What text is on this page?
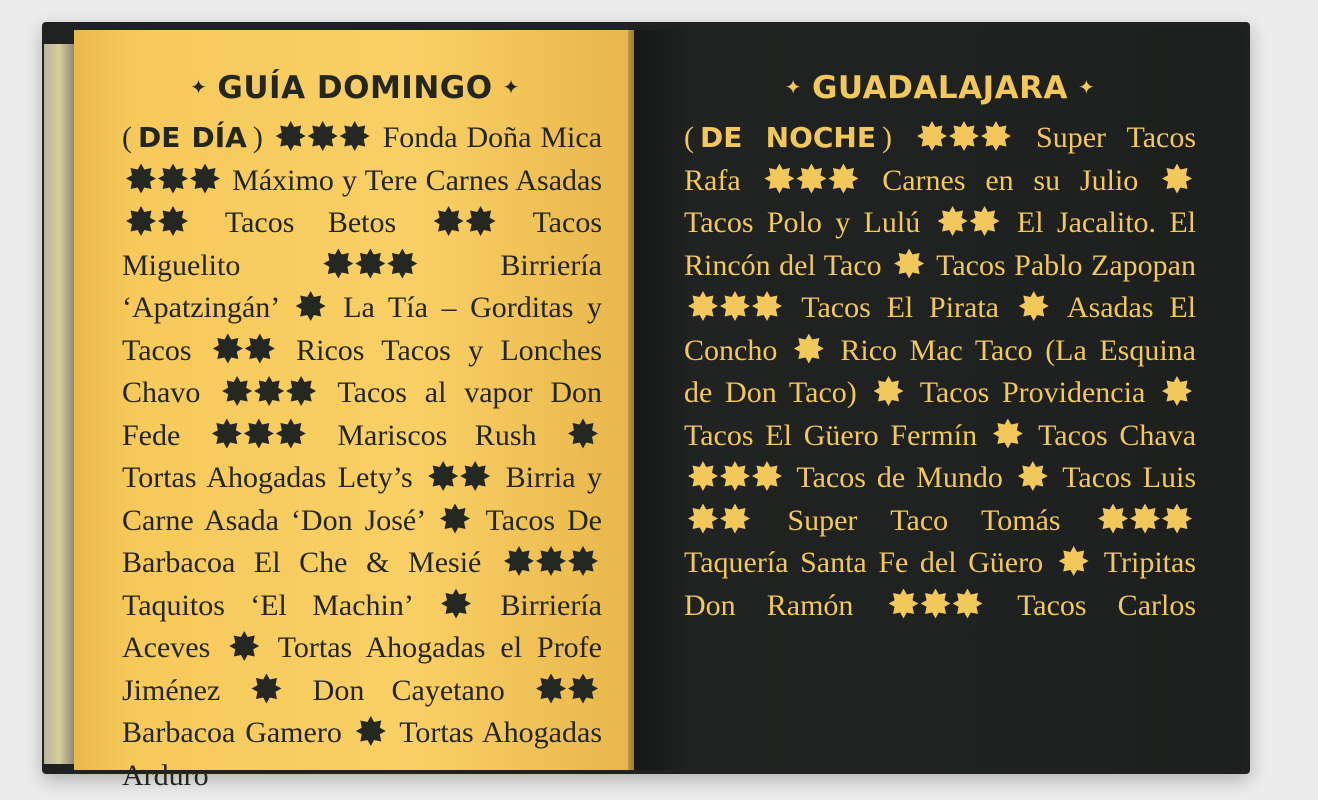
✦ GUÍA DOMINGO ✦
( DE DÍA )	Fonda Doña Mica
Máximo y Tere Carnes Asadas
Tacos Betos	Tacos Miguelito	Birriería ‘Apatzingán’ La Tía – Gorditas y Tacos	Ricos Tacos y Lonches Chavo	Tacos al vapor Don Fede	Mariscos Rush
Tortas Ahogadas Lety’s	Birria y Carne Asada ‘Don José’ Tacos De Barbacoa El Che & Mesié
Taquitos ‘El Machin’	Birriería Aceves Tortas Ahogadas el Profe Jiménez	Don Cayetano
Barbacoa Gamero Tortas Ahogadas Arduro
✦ GUADALAJARA ✦
( DE NOCHE )	Super Tacos Rafa	Carnes en su Julio
Tacos Polo y Lulú	El Jacalito. El Rincón del Taco Tacos Pablo Zapopan
Tacos El Pirata Asadas El Concho Rico Mac Taco (La Esquina de Don Taco) Tacos Providencia
Tacos El Güero Fermín Tacos Chava
Tacos de Mundo Tacos Luis
Super Taco Tomás
Taquería Santa Fe del Güero Tripitas Don Ramón	Tacos Carlos
